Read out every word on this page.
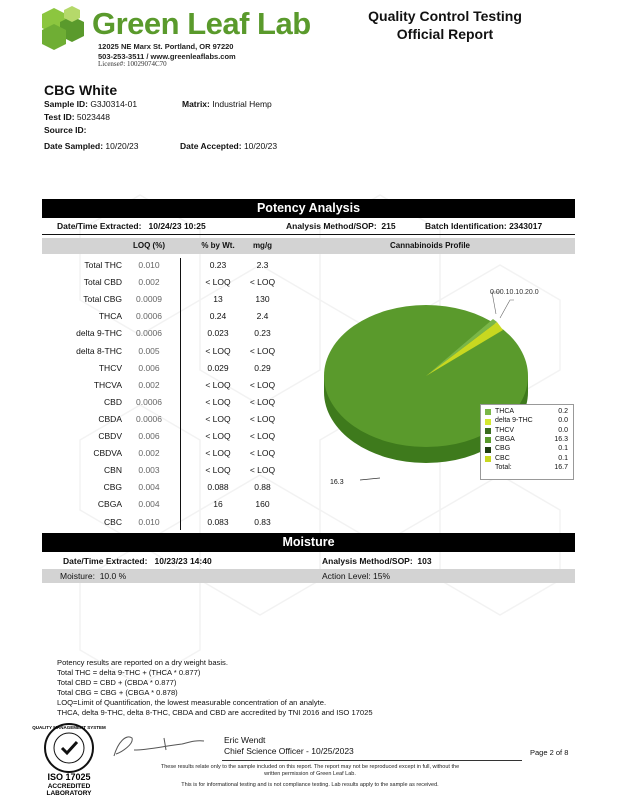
Green Leaf Lab
12025 NE Marx St. Portland, OR 97220
503-253-3511 / www.greenleaflabs.com
License#: 10029074C70
Quality Control Testing
Official Report
CBG White
Sample ID: G3J0314-01	Matrix: Industrial Hemp
Test ID: 5023448
Source ID:
Date Sampled: 10/20/23	Date Accepted: 10/20/23
Potency Analysis
Date/Time Extracted: 10/24/23 10:25	Analysis Method/SOP: 215	Batch Identification: 2343017
LOQ (%)	% by Wt.	mg/g	Cannabinoids Profile
Total THC	0.010	0.23	2.3
Total CBD	0.002	< LOQ	< LOQ
Total CBG	0.0009	13	130
THCA	0.0006	0.24	2.4
delta 9-THC	0.0006	0.023	0.23
delta 8-THC	0.005	< LOQ	< LOQ
THCV	0.006	0.029	0.29
THCVA	0.002	< LOQ	< LOQ
CBD	0.0006	< LOQ	< LOQ
CBDA	0.0006	< LOQ	< LOQ
CBDV	0.006	< LOQ	< LOQ
CBDVA	0.002	< LOQ	< LOQ
CBN	0.003	< LOQ	< LOQ
CBG	0.004	0.088	0.88
CBGA	0.004	16	160
CBC	0.010	0.083	0.83
0.00.10.10.20.0
16.3
THCA	0.2
delta 9-THC	0.0
THCV	0.0
CBGA	16.3
CBG	0.1
CBC	0.1
Total:	16.7
Moisture
Date/Time Extracted: 10/23/23 14:40	Analysis Method/SOP: 103
Moisture: 10.0 %	Action Level: 15%
Potency results are reported on a dry weight basis.
Total THC = delta 9-THC + (THCA * 0.877)
Total CBD = CBD + (CBDA * 0.877)
Total CBG = CBG + (CBGA * 0.878)
LOQ=Limit of Quantification, the lowest measurable concentration of an analyte.
THCA, delta 9-THC, delta 8-THC, CBDA and CBD are accredited by TNI 2016 and ISO 17025
QUALITY MANAGEMENT SYSTEM
ISO 17025
ACCREDITED
LABORATORY
Eric Wendt
Chief Science Officer - 10/25/2023	Page 2 of 8
These results relate only to the sample included on this report. The report may not be reproduced except in full, without the
written permission of Green Leaf Lab.
This is for informational testing and is not compliance testing. Lab results apply to the sample as received.
